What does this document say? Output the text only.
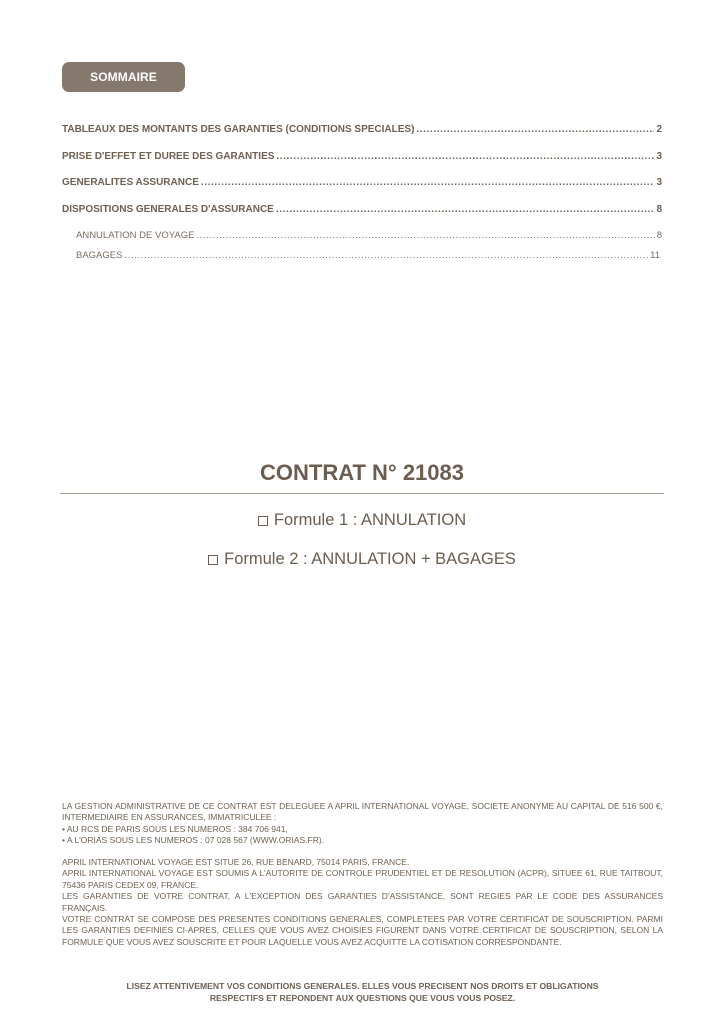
SOMMAIRE
TABLEAUX DES MONTANTS DES GARANTIES (CONDITIONS SPECIALES) .....	2
PRISE D'EFFET ET DUREE DES GARANTIES .....	3
GENERALITES ASSURANCE .....	3
DISPOSITIONS GENERALES D'ASSURANCE .....	8
ANNULATION DE VOYAGE .....	8
BAGAGES .....	11
CONTRAT N° 21083
Formule 1 : ANNULATION
Formule 2 : ANNULATION + BAGAGES

LA GESTION ADMINISTRATIVE DE CE CONTRAT EST DELEGUEE A APRIL INTERNATIONAL VOYAGE, SOCIETE ANONYME AU CAPITAL DE 516 500 €, INTERMEDIAIRE EN ASSURANCES, IMMATRICULEE :

• AU RCS DE PARIS SOUS LES NUMEROS : 384 706 941,

• A L'ORIAS SOUS LES NUMEROS : 07 028 567 (WWW.ORIAS.FR).

APRIL INTERNATIONAL VOYAGE EST SITUE 26, RUE BENARD, 75014 PARIS, FRANCE.

APRIL INTERNATIONAL VOYAGE EST SOUMIS A L'AUTORITE DE CONTROLE PRUDENTIEL ET DE RESOLUTION (ACPR), SITUEE 61, RUE TAITBOUT, 75436 PARIS CEDEX 09, FRANCE.

LES GARANTIES DE VOTRE CONTRAT, A L'EXCEPTION DES GARANTIES D'ASSISTANCE, SONT REGIES PAR LE CODE DES ASSURANCES FRANÇAIS.

VOTRE CONTRAT SE COMPOSE DES PRESENTES CONDITIONS GENERALES, COMPLETEES PAR VOTRE CERTIFICAT DE SOUSCRIPTION. PARMI LES GARANTIES DEFINIES CI-APRES, CELLES QUE VOUS AVEZ CHOISIES FIGURENT DANS VOTRE CERTIFICAT DE SOUSCRIPTION, SELON LA FORMULE QUE VOUS AVEZ SOUSCRITE ET POUR LAQUELLE VOUS AVEZ ACQUITTE LA COTISATION CORRESPONDANTE.

LISEZ ATTENTIVEMENT VOS CONDITIONS GENERALES. ELLES VOUS PRECISENT NOS DROITS ET OBLIGATIONS
RESPECTIFS ET REPONDENT AUX QUESTIONS QUE VOUS VOUS POSEZ.
